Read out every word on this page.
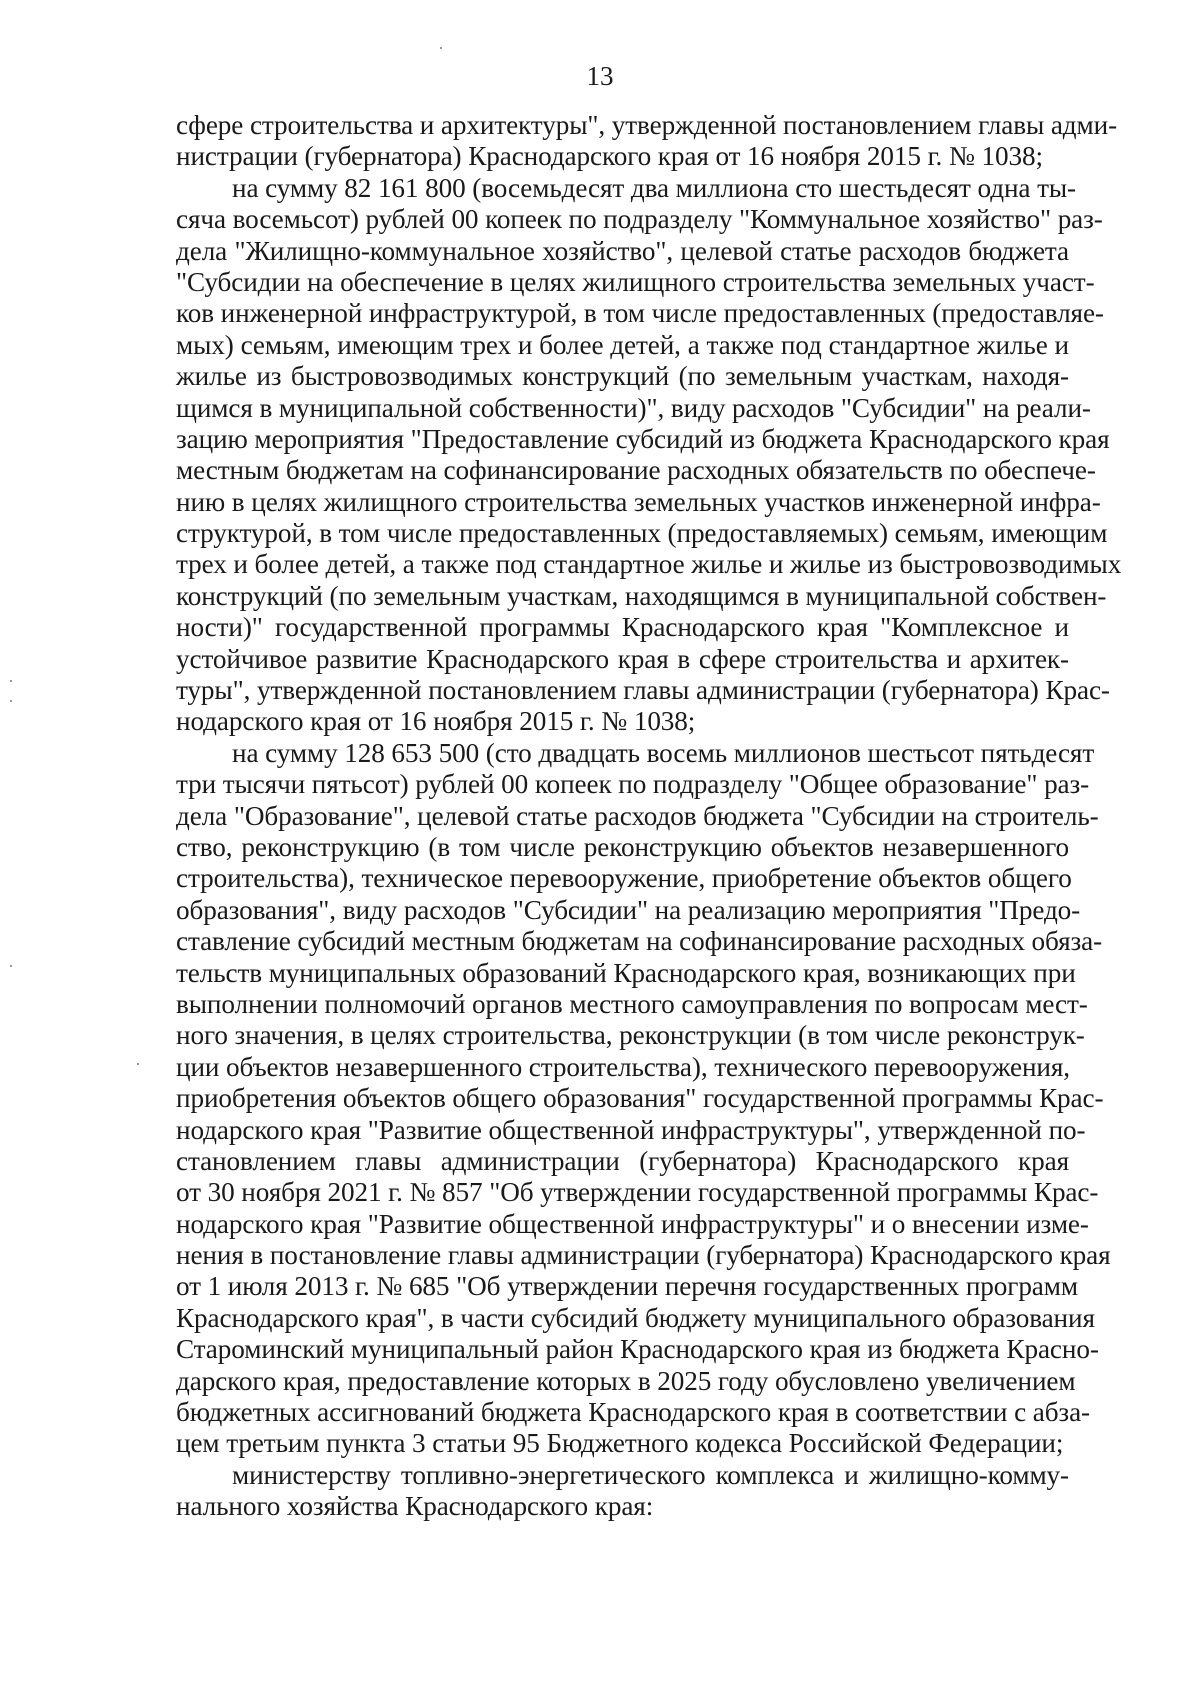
13
сфере строительства и архитектуры", утвержденной постановлением главы адми-
нистрации (губернатора) Краснодарского края от 16 ноября 2015 г. № 1038;
на сумму 82 161 800 (восемьдесят два миллиона сто шестьдесят одна ты-
сяча восемьсот) рублей 00 копеек по подразделу "Коммунальное хозяйство" раз-
дела "Жилищно-коммунальное хозяйство", целевой статье расходов бюджета
"Субсидии на обеспечение в целях жилищного строительства земельных участ-
ков инженерной инфраструктурой, в том числе предоставленных (предоставляе-
мых) семьям, имеющим трех и более детей, а также под стандартное жилье и
жилье из быстровозводимых конструкций (по земельным участкам, находя-
щимся в муниципальной собственности)", виду расходов "Субсидии" на реали-
зацию мероприятия "Предоставление субсидий из бюджета Краснодарского края
местным бюджетам на софинансирование расходных обязательств по обеспече-
нию в целях жилищного строительства земельных участков инженерной инфра-
структурой, в том числе предоставленных (предоставляемых) семьям, имеющим
трех и более детей, а также под стандартное жилье и жилье из быстровозводимых
конструкций (по земельным участкам, находящимся в муниципальной собствен-
ности)" государственной программы Краснодарского края "Комплексное и
устойчивое развитие Краснодарского края в сфере строительства и архитек-
туры", утвержденной постановлением главы администрации (губернатора) Крас-
нодарского края от 16 ноября 2015 г. № 1038;
на сумму 128 653 500 (сто двадцать восемь миллионов шестьсот пятьдесят
три тысячи пятьсот) рублей 00 копеек по подразделу "Общее образование" раз-
дела "Образование", целевой статье расходов бюджета "Субсидии на строитель-
ство, реконструкцию (в том числе реконструкцию объектов незавершенного
строительства), техническое перевооружение, приобретение объектов общего
образования", виду расходов "Субсидии" на реализацию мероприятия "Предо-
ставление субсидий местным бюджетам на софинансирование расходных обяза-
тельств муниципальных образований Краснодарского края, возникающих при
выполнении полномочий органов местного самоуправления по вопросам мест-
ного значения, в целях строительства, реконструкции (в том числе реконструк-
ции объектов незавершенного строительства), технического перевооружения,
приобретения объектов общего образования" государственной программы Крас-
нодарского края "Развитие общественной инфраструктуры", утвержденной по-
становлением главы администрации (губернатора) Краснодарского края
от 30 ноября 2021 г. № 857 "Об утверждении государственной программы Крас-
нодарского края "Развитие общественной инфраструктуры" и о внесении изме-
нения в постановление главы администрации (губернатора) Краснодарского края
от 1 июля 2013 г. № 685 "Об утверждении перечня государственных программ
Краснодарского края", в части субсидий бюджету муниципального образования
Староминский муниципальный район Краснодарского края из бюджета Красно-
дарского края, предоставление которых в 2025 году обусловлено увеличением
бюджетных ассигнований бюджета Краснодарского края в соответствии с абза-
цем третьим пункта 3 статьи 95 Бюджетного кодекса Российской Федерации;
министерству топливно-энергетического комплекса и жилищно-комму-
нального хозяйства Краснодарского края:
